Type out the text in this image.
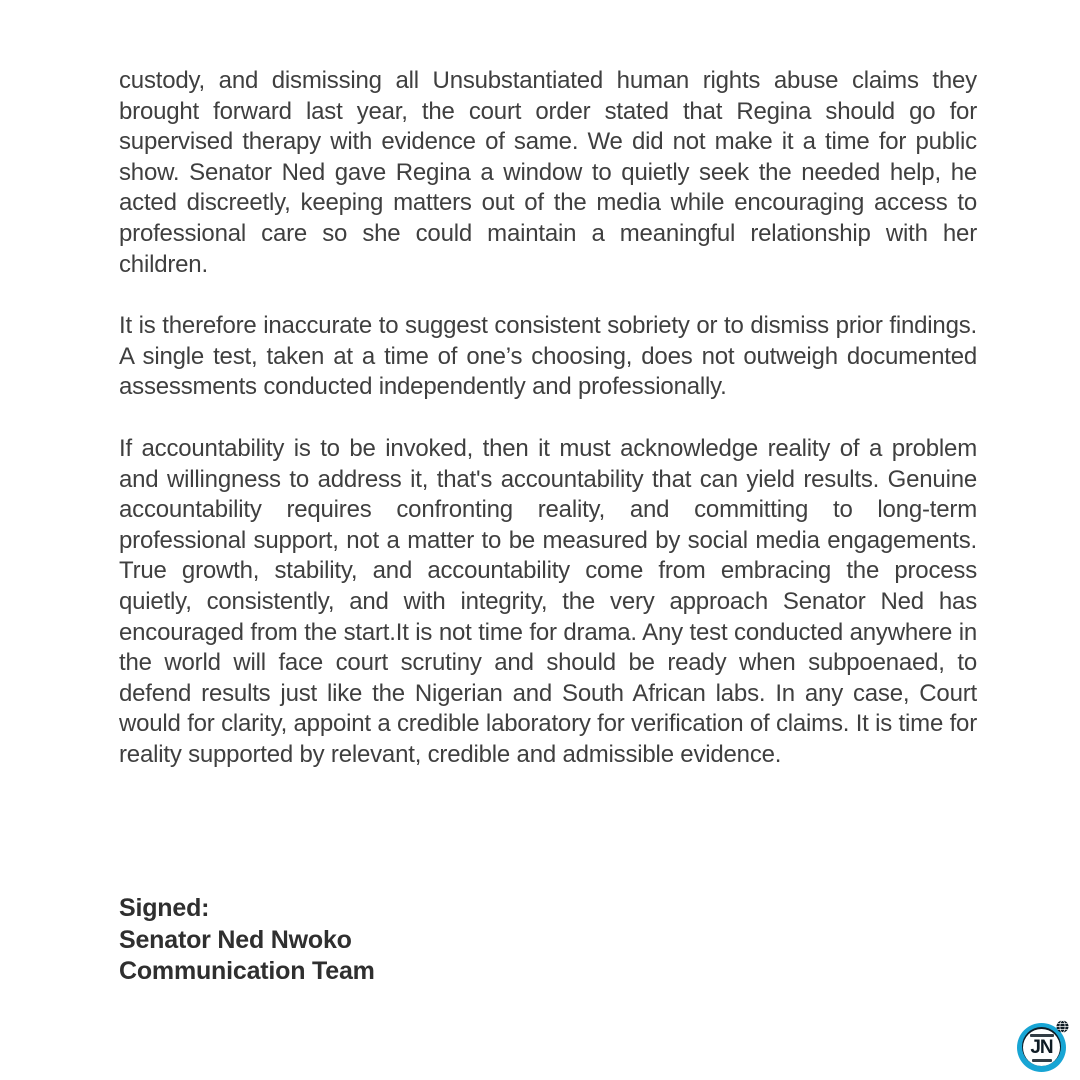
custody, and dismissing all Unsubstantiated human rights abuse claims they brought forward last year, the court order stated that Regina should go for supervised therapy with evidence of same. We did not make it a time for public show. Senator Ned gave Regina a window to quietly seek the needed help, he acted discreetly, keeping matters out of the media while encouraging access to professional care so she could maintain a meaningful relationship with her children.

It is therefore inaccurate to suggest consistent sobriety or to dismiss prior findings. A single test, taken at a time of one’s choosing, does not outweigh documented assessments conducted independently and professionally.

If accountability is to be invoked, then it must acknowledge reality of a problem and willingness to address it, that's accountability that can yield results. Genuine accountability requires confronting reality, and committing to long-term professional support, not a matter to be measured by social media engagements. True growth, stability, and accountability come from embracing the process quietly, consistently, and with integrity, the very approach Senator Ned has encouraged from the start.It is not time for drama. Any test conducted anywhere in the world will face court scrutiny and should be ready when subpoenaed, to defend results just like the Nigerian and South African labs. In any case, Court would for clarity, appoint a credible laboratory for verification of claims. It is time for reality supported by relevant, credible and admissible evidence.

Signed:
Senator Ned Nwoko
Communication Team
JN
